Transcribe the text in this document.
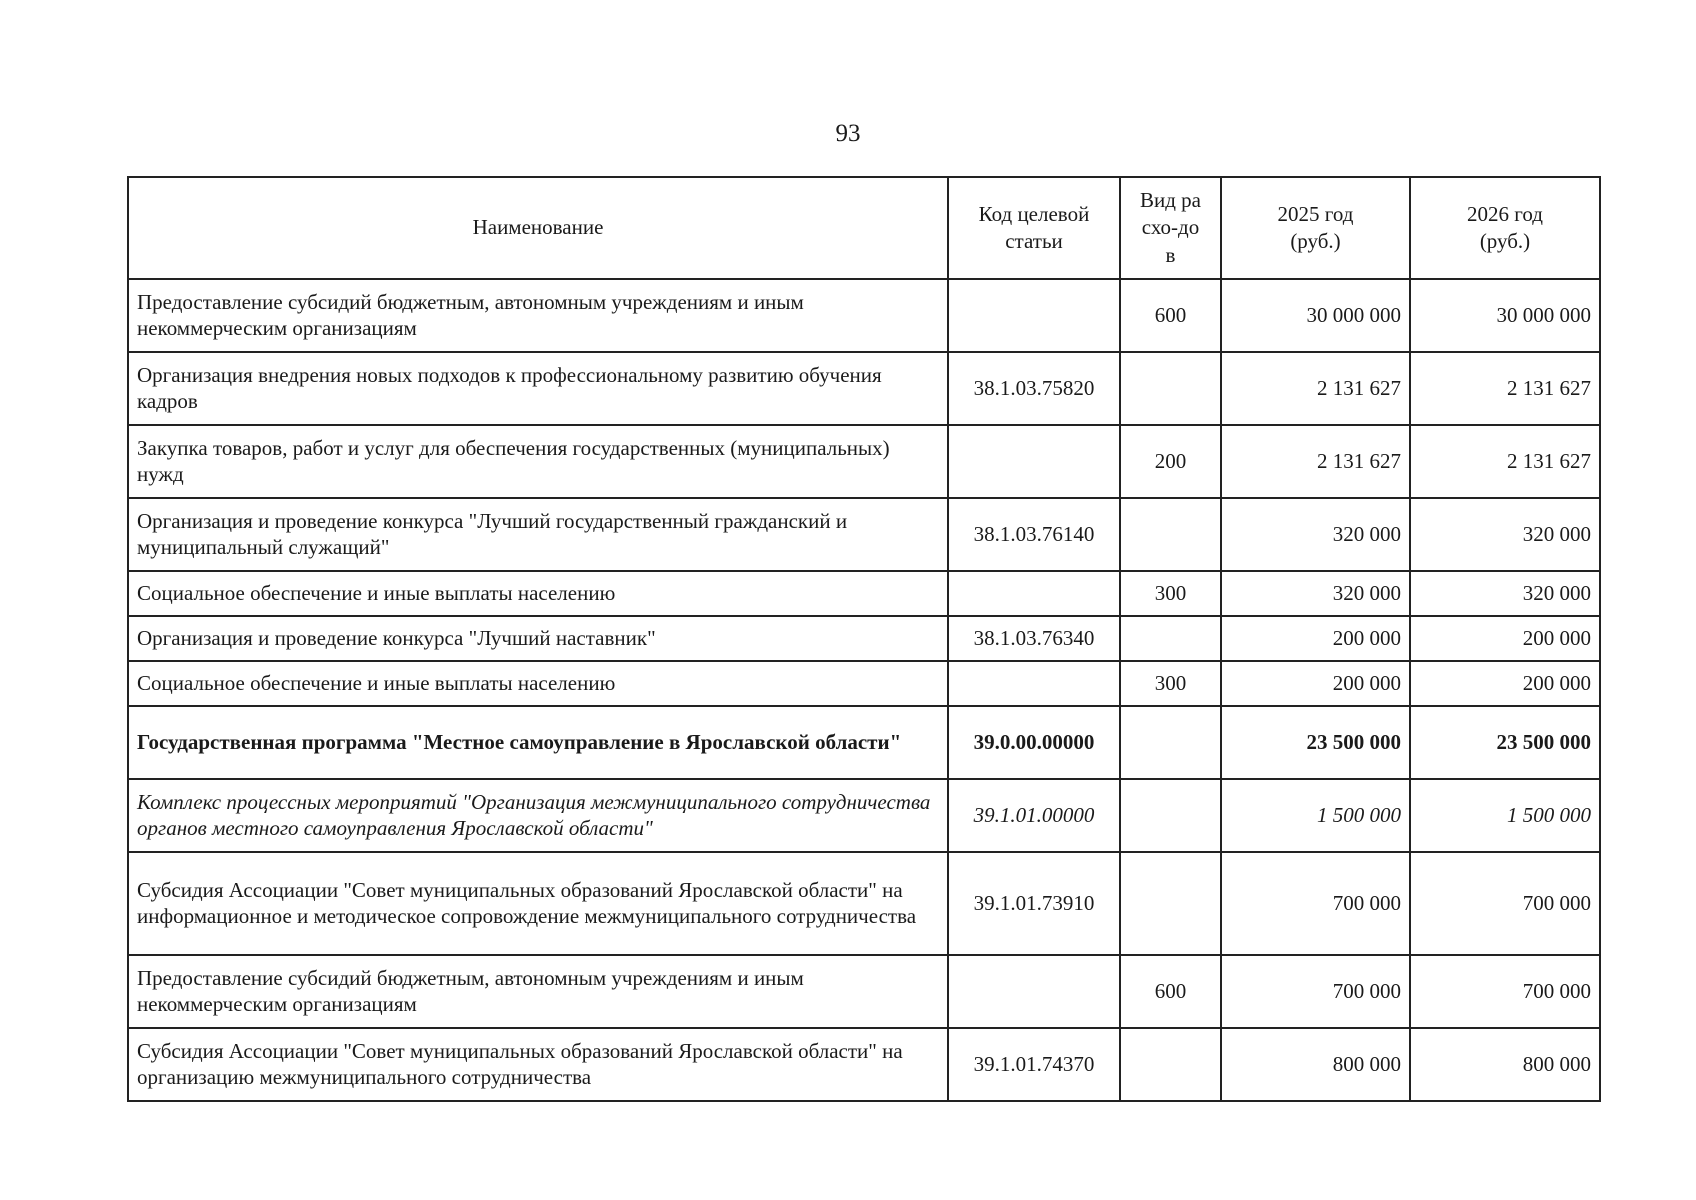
93
Наименование	Код целевой статьи	Вид расхо-дов	2025 год (руб.)	2026 год (руб.)
Предоставление субсидий бюджетным, автономным учреждениям и иным некоммерческим организациям		600	30 000 000	30 000 000
Организация внедрения новых подходов к профессиональному развитию обучения кадров	38.1.03.75820		2 131 627	2 131 627
Закупка товаров, работ и услуг для обеспечения государственных (муниципальных) нужд		200	2 131 627	2 131 627
Организация и проведение конкурса "Лучший государственный гражданский и муниципальный служащий"	38.1.03.76140		320 000	320 000
Социальное обеспечение и иные выплаты населению		300	320 000	320 000
Организация и проведение конкурса "Лучший наставник"	38.1.03.76340		200 000	200 000
Социальное обеспечение и иные выплаты населению		300	200 000	200 000
Государственная программа "Местное самоуправление в Ярославской области"	39.0.00.00000		23 500 000	23 500 000
Комплекс процессных мероприятий "Организация межмуниципального сотрудничества органов местного самоуправления Ярославской области"	39.1.01.00000		1 500 000	1 500 000
Субсидия Ассоциации "Совет муниципальных образований Ярославской области" на информационное и методическое сопровождение межмуниципального сотрудничества	39.1.01.73910		700 000	700 000
Предоставление субсидий бюджетным, автономным учреждениям и иным некоммерческим организациям		600	700 000	700 000
Субсидия Ассоциации "Совет муниципальных образований Ярославской области" на организацию межмуниципального сотрудничества	39.1.01.74370		800 000	800 000
